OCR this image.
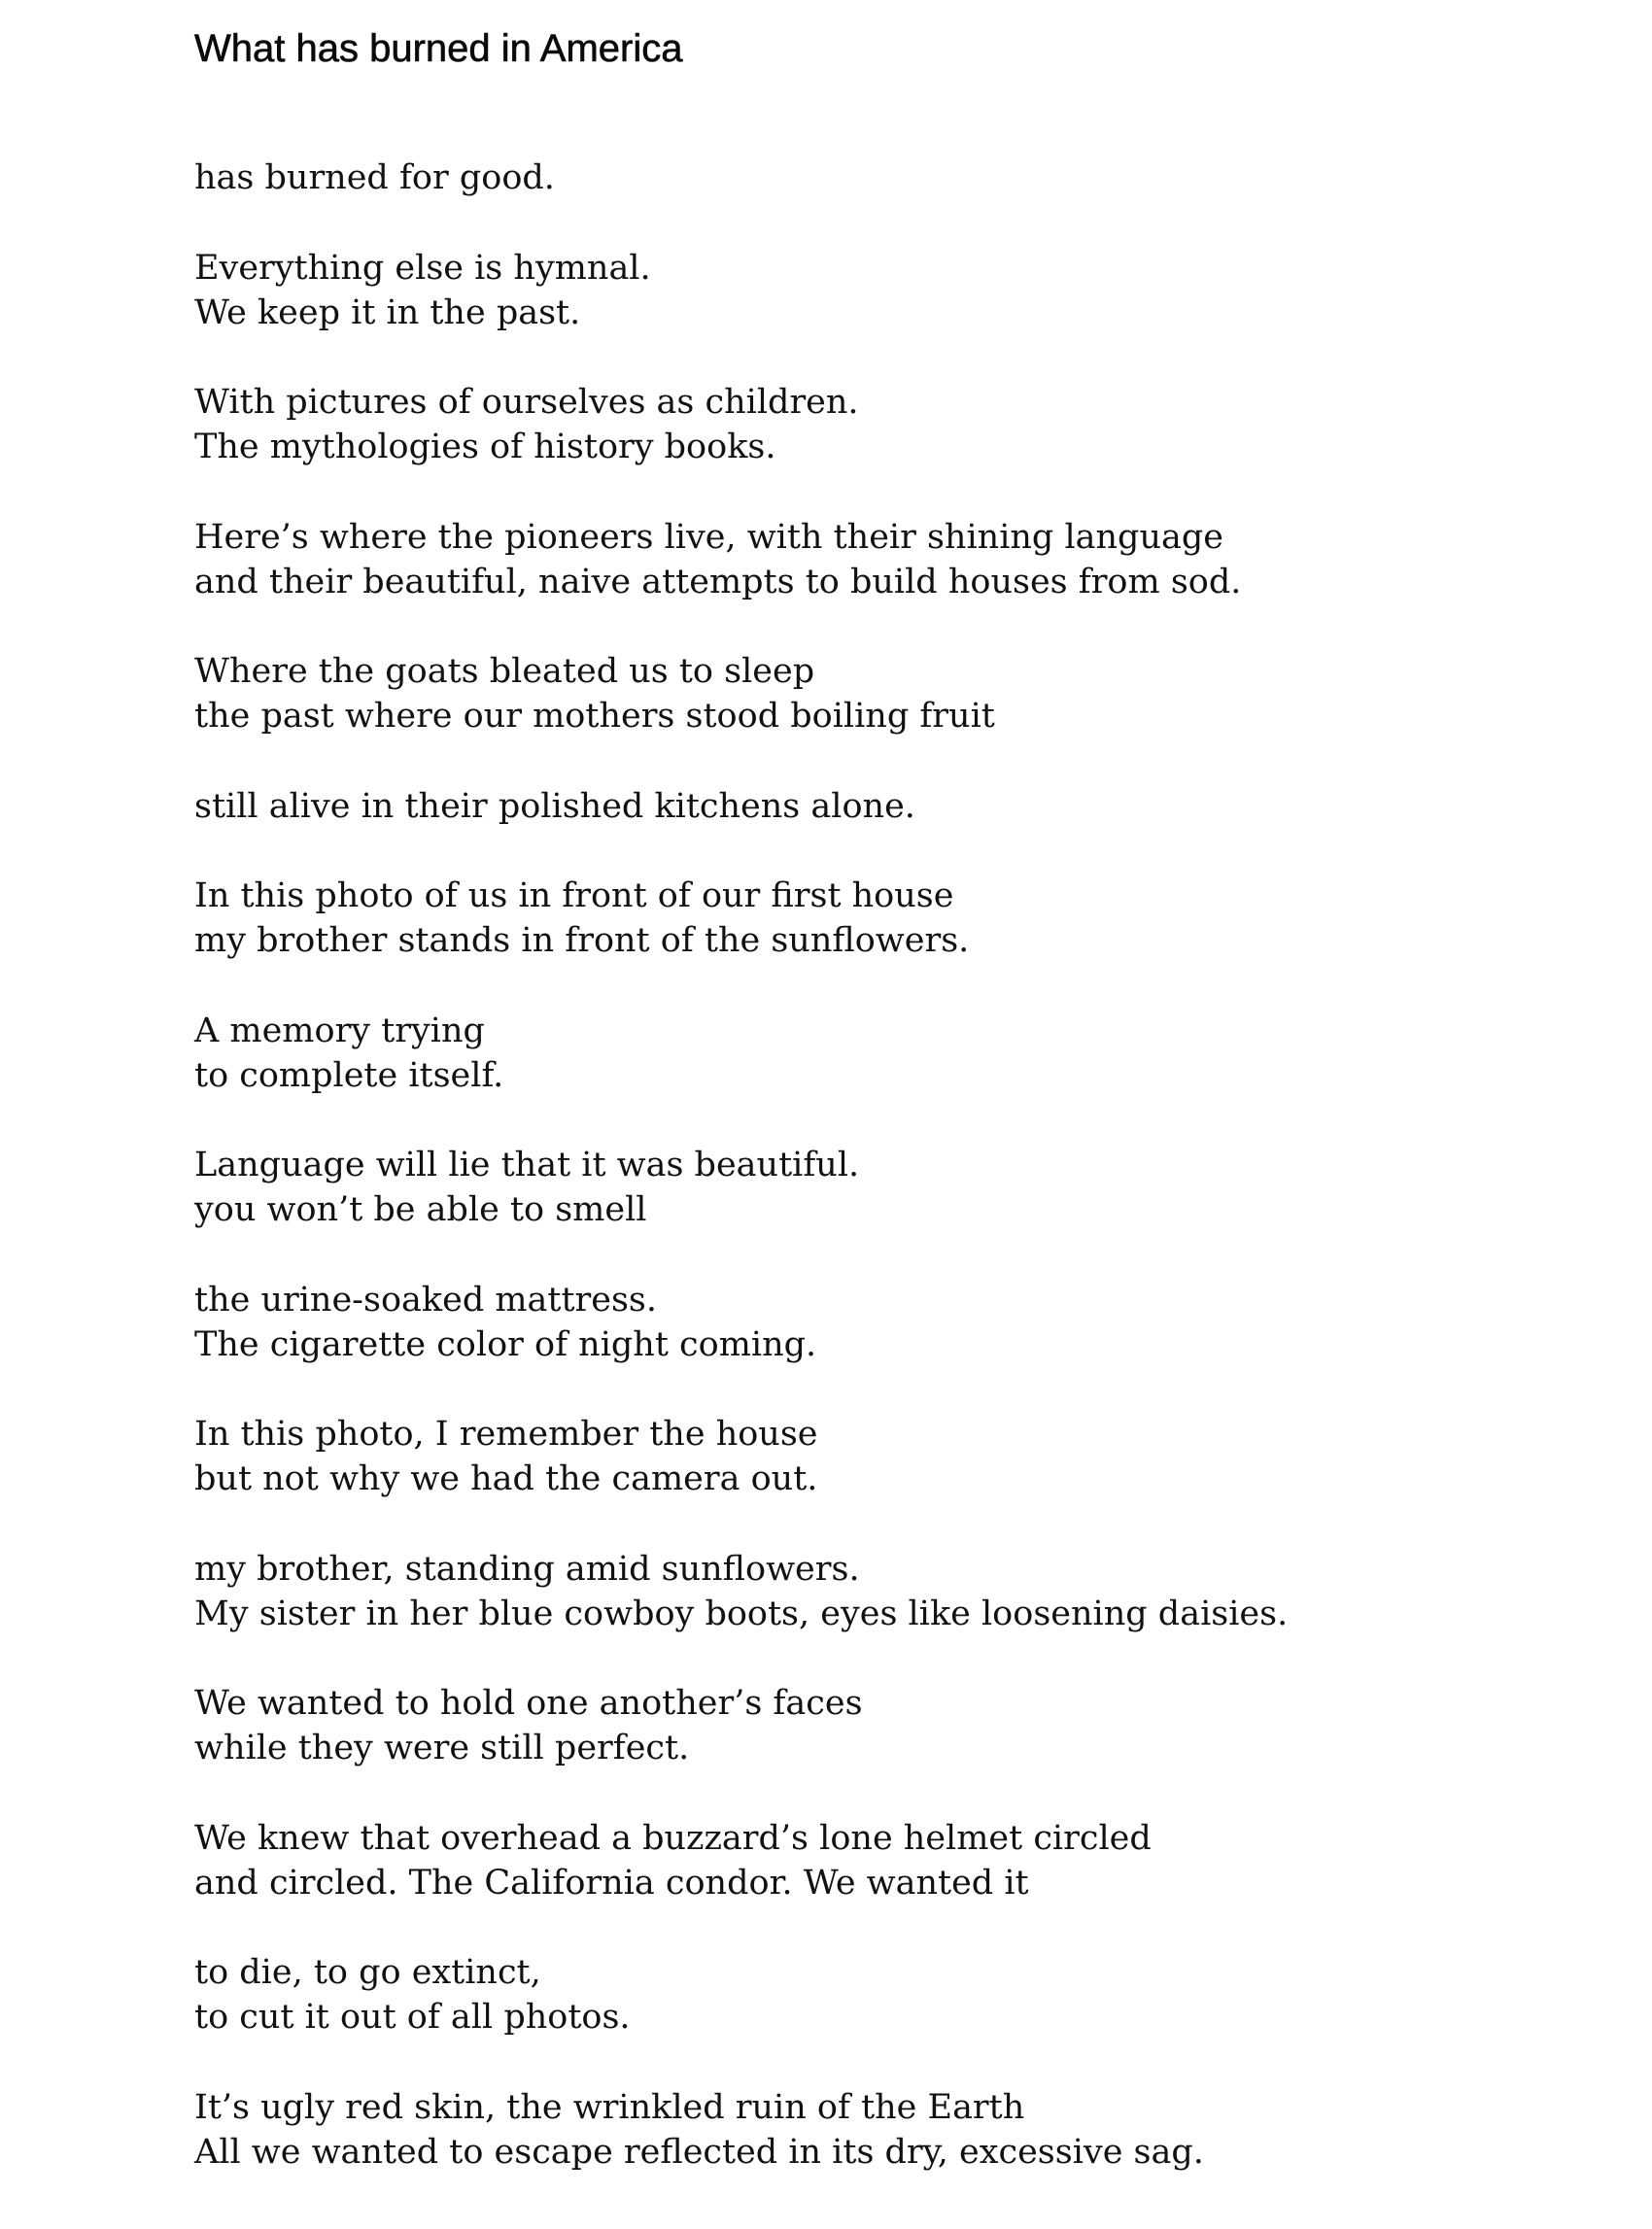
What has burned in America
has burned for good.
Everything else is hymnal.
We keep it in the past.
With pictures of ourselves as children.
The mythologies of history books.
Here’s where the pioneers live, with their shining language
and their beautiful, naive attempts to build houses from sod.
Where the goats bleated us to sleep
the past where our mothers stood boiling fruit
still alive in their polished kitchens alone.
In this photo of us in front of our first house
my brother stands in front of the sunflowers.
A memory trying
to complete itself.
Language will lie that it was beautiful.
you won’t be able to smell
the urine-soaked mattress.
The cigarette color of night coming.
In this photo, I remember the house
but not why we had the camera out.
my brother, standing amid sunflowers.
My sister in her blue cowboy boots, eyes like loosening daisies.
We wanted to hold one another’s faces
while they were still perfect.
We knew that overhead a buzzard’s lone helmet circled
and circled. The California condor. We wanted it
to die, to go extinct,
to cut it out of all photos.
It’s ugly red skin, the wrinkled ruin of the Earth
All we wanted to escape reflected in its dry, excessive sag.
